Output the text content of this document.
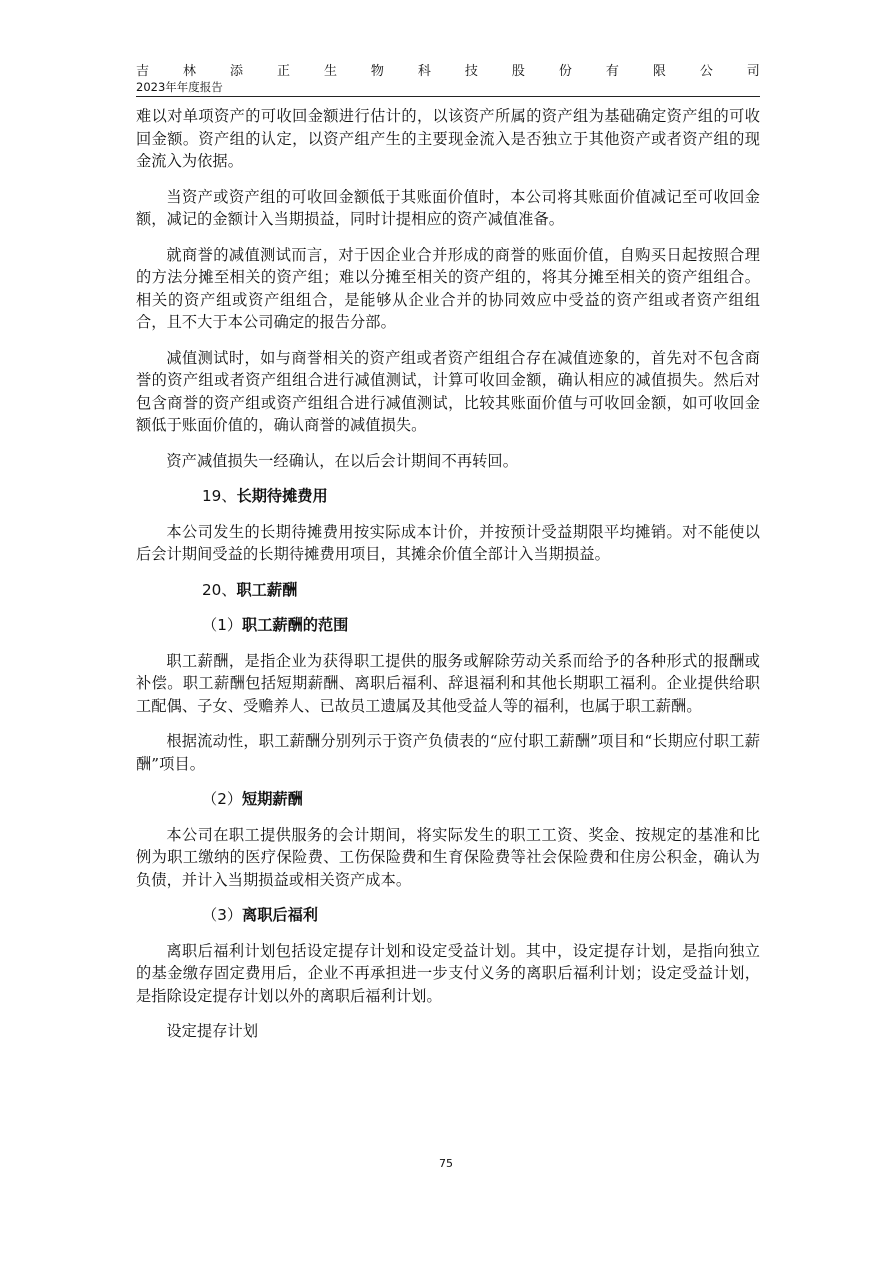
吉	林	添	正	生	物	科	技	股	份	有	限	公	司
2023年年度报告

难以对单项资产的可收回金额进行估计的，以该资产所属的资产组为基础确定资产组的可收回金额。资产组的认定，以资产组产生的主要现金流入是否独立于其他资产或者资产组的现金流入为依据。

当资产或资产组的可收回金额低于其账面价值时，本公司将其账面价值减记至可收回金额，减记的金额计入当期损益，同时计提相应的资产减值准备。

就商誉的减值测试而言，对于因企业合并形成的商誉的账面价值，自购买日起按照合理的方法分摊至相关的资产组；难以分摊至相关的资产组的，将其分摊至相关的资产组组合。相关的资产组或资产组组合，是能够从企业合并的协同效应中受益的资产组或者资产组组合，且不大于本公司确定的报告分部。

减值测试时，如与商誉相关的资产组或者资产组组合存在减值迹象的，首先对不包含商誉的资产组或者资产组组合进行减值测试，计算可收回金额，确认相应的减值损失。然后对包含商誉的资产组或资产组组合进行减值测试，比较其账面价值与可收回金额，如可收回金额低于账面价值的，确认商誉的减值损失。

资产减值损失一经确认，在以后会计期间不再转回。

19、长期待摊费用

本公司发生的长期待摊费用按实际成本计价，并按预计受益期限平均摊销。对不能使以后会计期间受益的长期待摊费用项目，其摊余价值全部计入当期损益。

20、职工薪酬
（1）职工薪酬的范围

职工薪酬，是指企业为获得职工提供的服务或解除劳动关系而给予的各种形式的报酬或补偿。职工薪酬包括短期薪酬、离职后福利、辞退福利和其他长期职工福利。企业提供给职工配偶、子女、受赡养人、已故员工遗属及其他受益人等的福利，也属于职工薪酬。

根据流动性，职工薪酬分别列示于资产负债表的“应付职工薪酬”项目和“长期应付职工薪酬”项目。

（2）短期薪酬

本公司在职工提供服务的会计期间，将实际发生的职工工资、奖金、按规定的基准和比例为职工缴纳的医疗保险费、工伤保险费和生育保险费等社会保险费和住房公积金，确认为负债，并计入当期损益或相关资产成本。

（3）离职后福利

离职后福利计划包括设定提存计划和设定受益计划。其中，设定提存计划，是指向独立的基金缴存固定费用后，企业不再承担进一步支付义务的离职后福利计划；设定受益计划，是指除设定提存计划以外的离职后福利计划。

设定提存计划

75
